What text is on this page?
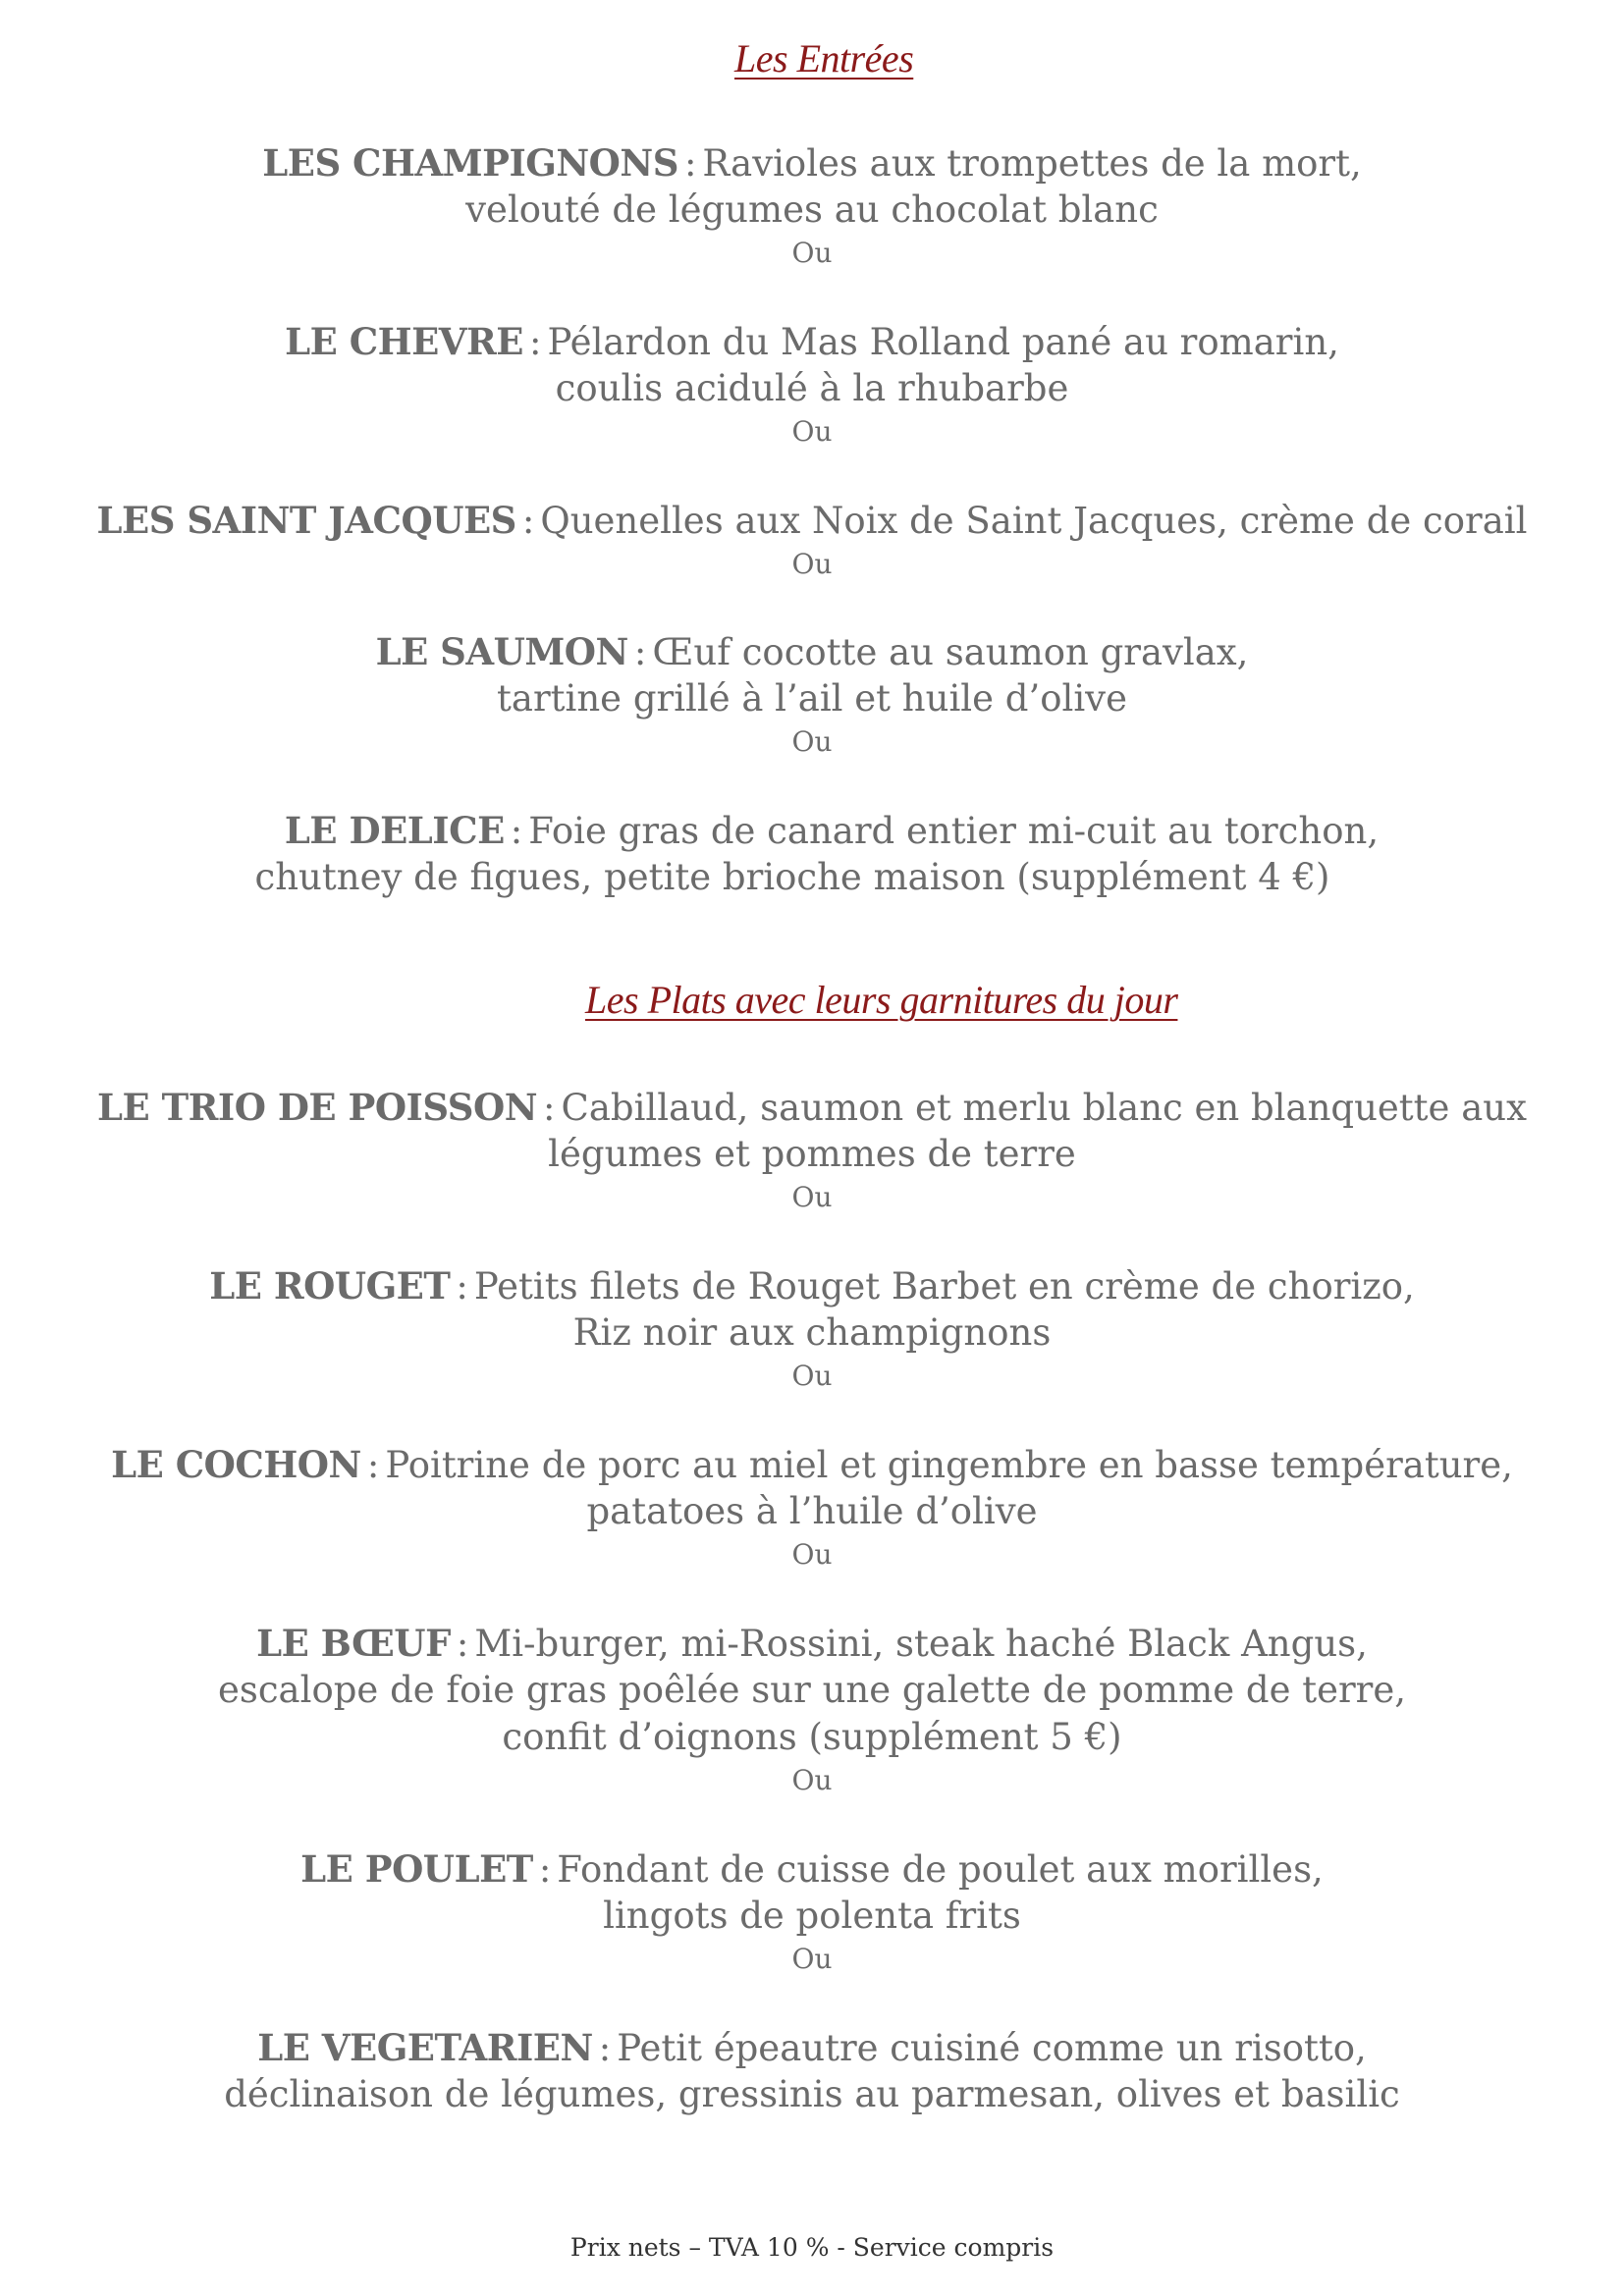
Les Entrées

LES CHAMPIGNONS : Ravioles aux trompettes de la mort,

velouté de légumes au chocolat blanc

Ou

LE CHEVRE : Pélardon du Mas Rolland pané au romarin,

coulis acidulé à la rhubarbe

Ou

LES SAINT JACQUES : Quenelles aux Noix de Saint Jacques, crème de corail

Ou

LE SAUMON : Œuf cocotte au saumon gravlax,

tartine grillé à l’ail et huile d’olive

Ou

LE DELICE : Foie gras de canard entier mi-cuit au torchon,

chutney de figues, petite brioche maison (supplément 4 €)

Les Plats avec leurs garnitures du jour

LE TRIO DE POISSON : Cabillaud, saumon et merlu blanc en blanquette aux

légumes et pommes de terre

Ou

LE ROUGET : Petits filets de Rouget Barbet en crème de chorizo,

Riz noir aux champignons

Ou

LE COCHON : Poitrine de porc au miel et gingembre en basse température,

patatoes à l’huile d’olive

Ou

LE BŒUF : Mi-burger, mi-Rossini, steak haché Black Angus,

escalope de foie gras poêlée sur une galette de pomme de terre,

confit d’oignons (supplément 5 €)

Ou

LE POULET : Fondant de cuisse de poulet aux morilles,

lingots de polenta frits

Ou

LE VEGETARIEN : Petit épeautre cuisiné comme un risotto,

déclinaison de légumes, gressinis au parmesan, olives et basilic

Prix nets – TVA 10 % - Service compris
